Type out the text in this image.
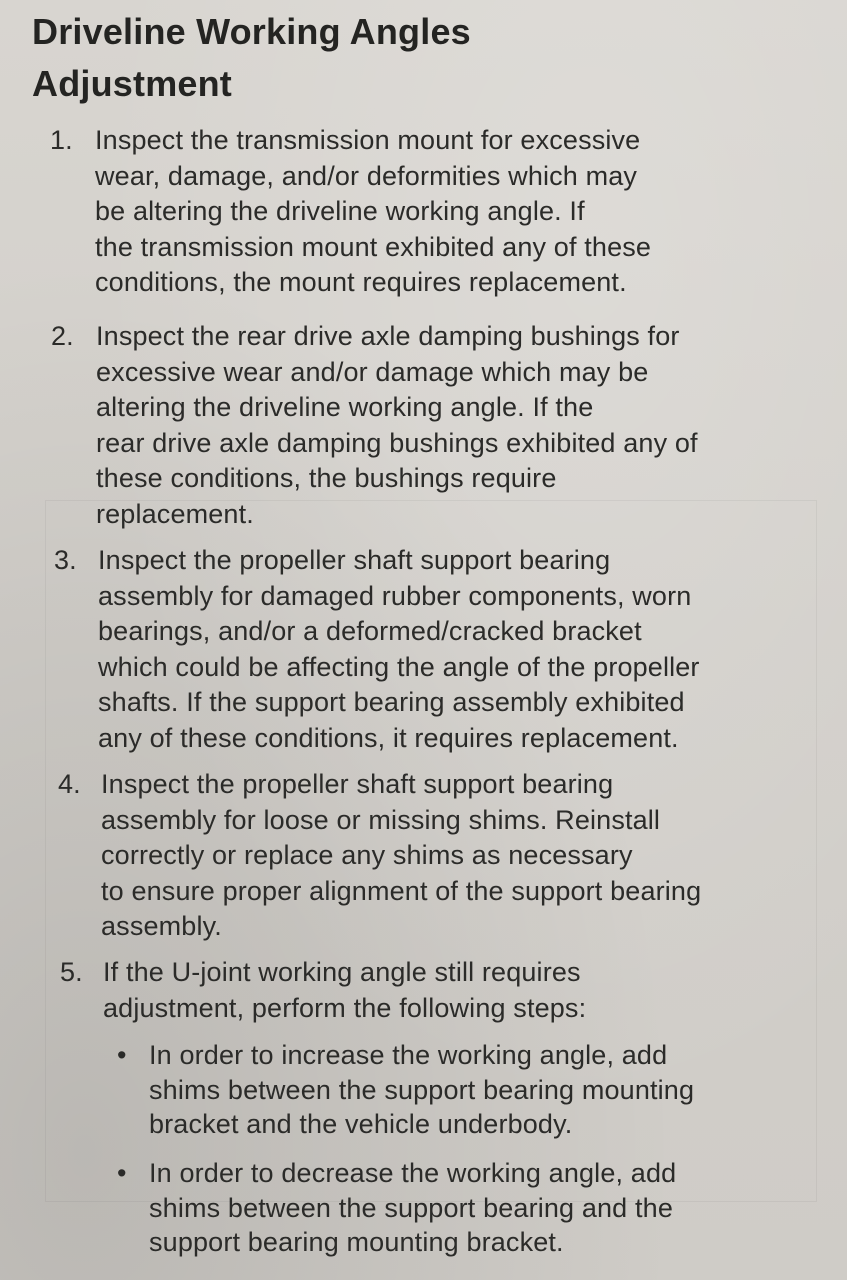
Driveline Working Angles
Adjustment
1. Inspect the transmission mount for excessive
wear, damage, and/or deformities which may
be altering the driveline working angle. If
the transmission mount exhibited any of these
conditions, the mount requires replacement.
2. Inspect the rear drive axle damping bushings for
excessive wear and/or damage which may be
altering the driveline working angle. If the
rear drive axle damping bushings exhibited any of
these conditions, the bushings require
replacement.
3. Inspect the propeller shaft support bearing
assembly for damaged rubber components, worn
bearings, and/or a deformed/cracked bracket
which could be affecting the angle of the propeller
shafts. If the support bearing assembly exhibited
any of these conditions, it requires replacement.
4. Inspect the propeller shaft support bearing
assembly for loose or missing shims. Reinstall
correctly or replace any shims as necessary
to ensure proper alignment of the support bearing
assembly.
5. If the U-joint working angle still requires
adjustment, perform the following steps:
• In order to increase the working angle, add
shims between the support bearing mounting
bracket and the vehicle underbody.
• In order to decrease the working angle, add
shims between the support bearing and the
support bearing mounting bracket.
